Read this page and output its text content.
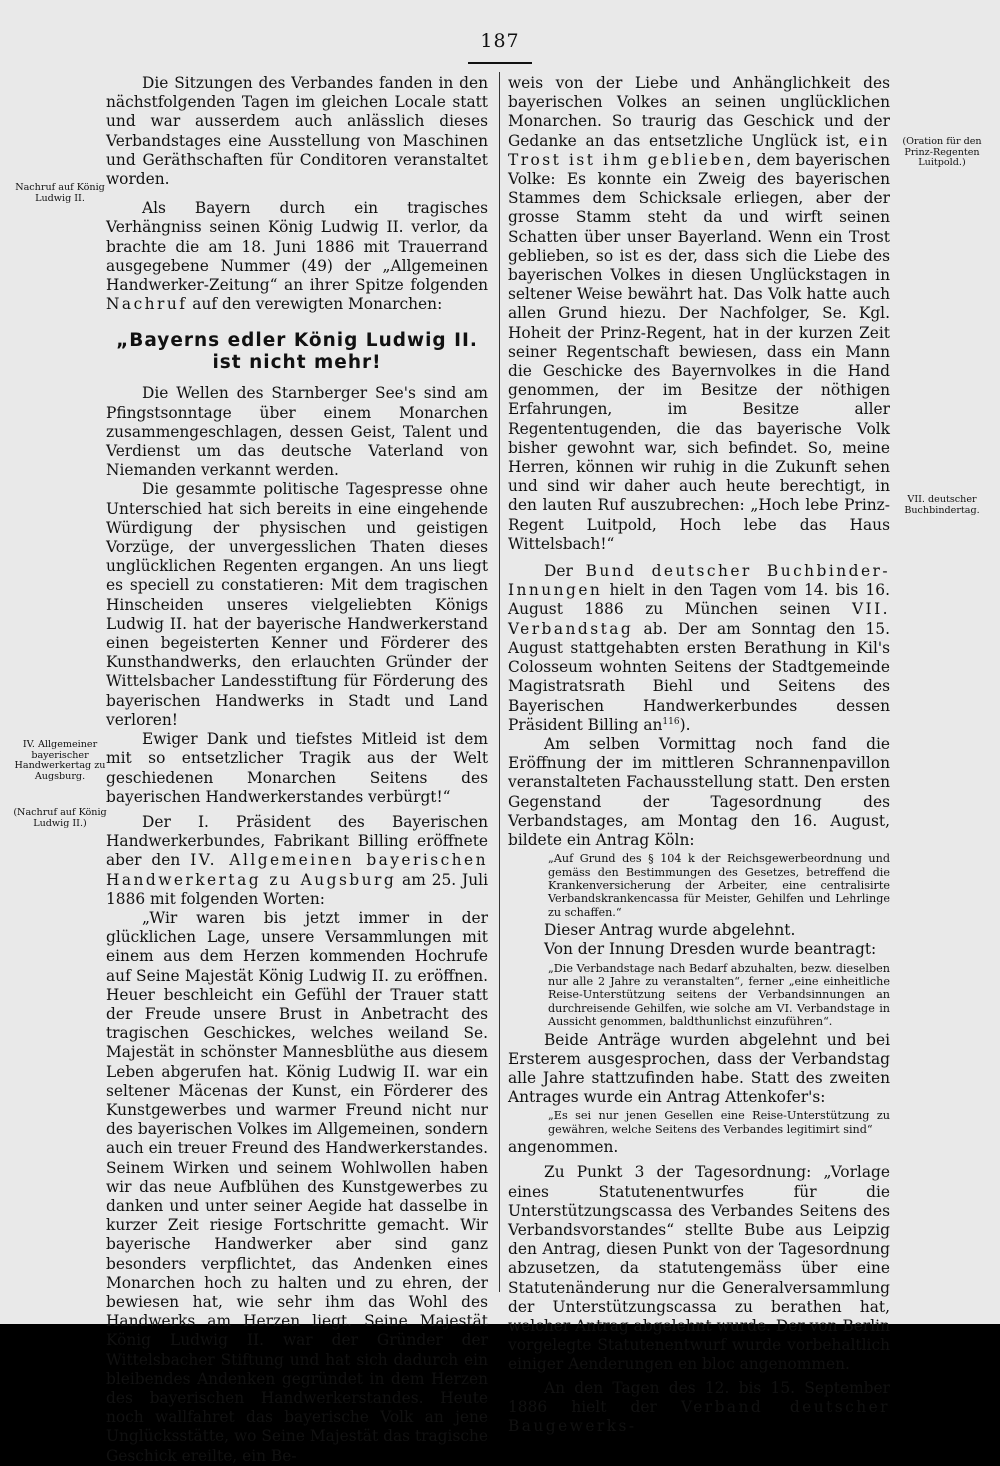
187
Nachruf auf König Ludwig II.
IV. Allgemeiner bayerischer Handwerkertag zu Augsburg.
(Nachruf auf König Ludwig II.)
(Oration für den Prinz-Regenten Luitpold.)
VII. deutscher Buchbindertag.

Die Sitzungen des Verbandes fanden in den nächstfolgenden Tagen im gleichen Locale statt und war ausserdem auch anlässlich dieses Verbandstages eine Ausstellung von Maschinen und Geräthschaften für Conditoren veranstaltet worden.

Als Bayern durch ein tragisches Verhängniss seinen König Ludwig II. verlor, da brachte die am 18. Juni 1886 mit Trauerrand ausgegebene Nummer (49) der „Allgemeinen Handwerker-Zeitung“ an ihrer Spitze folgenden Nachruf auf den verewigten Monarchen:

„Bayerns edler König Ludwig II. ist nicht mehr!

Die Wellen des Starnberger See's sind am Pfingstsonntage über einem Monarchen zusammengeschlagen, dessen Geist, Talent und Verdienst um das deutsche Vaterland von Niemanden verkannt werden.

Die gesammte politische Tagespresse ohne Unterschied hat sich bereits in eine eingehende Würdigung der physischen und geistigen Vorzüge, der unvergesslichen Thaten dieses unglücklichen Regenten ergangen. An uns liegt es speciell zu constatieren: Mit dem tragischen Hinscheiden unseres vielgeliebten Königs Ludwig II. hat der bayerische Handwerkerstand einen begeisterten Kenner und Förderer des Kunsthandwerks, den erlauchten Gründer der Wittelsbacher Landesstiftung für Förderung des bayerischen Handwerks in Stadt und Land verloren!

Ewiger Dank und tiefstes Mitleid ist dem mit so entsetzlicher Tragik aus der Welt geschiedenen Monarchen Seitens des bayerischen Handwerkerstandes verbürgt!“

Der I. Präsident des Bayerischen Handwerkerbundes, Fabrikant Billing eröffnete aber den IV. Allgemeinen bayerischen Handwerkertag zu Augsburg am 25. Juli 1886 mit folgenden Worten:

„Wir waren bis jetzt immer in der glücklichen Lage, unsere Versammlungen mit einem aus dem Herzen kommenden Hochrufe auf Seine Majestät König Ludwig II. zu eröffnen. Heuer beschleicht ein Gefühl der Trauer statt der Freude unsere Brust in Anbetracht des tragischen Geschickes, welches weiland Se. Majestät in schönster Mannesblüthe aus diesem Leben abgerufen hat. König Ludwig II. war ein seltener Mäcenas der Kunst, ein Förderer des Kunstgewerbes und warmer Freund nicht nur des bayerischen Volkes im Allgemeinen, sondern auch ein treuer Freund des Handwerkerstandes. Seinem Wirken und seinem Wohlwollen haben wir das neue Aufblühen des Kunstgewerbes zu danken und unter seiner Aegide hat dasselbe in kurzer Zeit riesige Fortschritte gemacht. Wir bayerische Handwerker aber sind ganz besonders verpflichtet, das Andenken eines Monarchen hoch zu halten und zu ehren, der bewiesen hat, wie sehr ihm das Wohl des Handwerks am Herzen liegt. Seine Majestät König Ludwig II. war der Gründer der Wittelsbacher Stiftung und hat sich dadurch ein bleibendes Andenken gegründet in dem Herzen des bayerischen Handwerkerstandes. Heute noch wallfahret das bayerische Volk an jene Unglücksstätte, wo Seine Majestät das tragische Geschick ereilte, ein Be-

weis von der Liebe und Anhänglichkeit des bayerischen Volkes an seinen unglücklichen Monarchen. So traurig das Geschick und der Gedanke an das entsetzliche Unglück ist,

ein Trost ist ihm geblieben, dem bayerischen Volke: Es konnte ein Zweig des bayerischen Stammes dem Schicksale erliegen, aber der grosse Stamm steht da und wirft seinen Schatten über unser Bayerland. Wenn ein Trost geblieben, so ist es der, dass sich die Liebe des bayerischen Volkes in diesen Unglückstagen in seltener Weise bewährt hat. Das Volk hatte auch allen Grund hiezu. Der Nachfolger, Se. Kgl. Hoheit der Prinz-Regent, hat in der kurzen Zeit seiner Regentschaft bewiesen, dass ein Mann die Geschicke des Bayernvolkes in die Hand genommen, der im Besitze der nöthigen Erfahrungen, im Besitze aller Regententugenden, die das bayerische Volk bisher gewohnt war, sich befindet. So, meine Herren, können wir ruhig in die Zukunft sehen und sind wir daher auch heute berechtigt, in den lauten Ruf auszubrechen: „Hoch lebe Prinz-Regent Luitpold, Hoch lebe das Haus Wittelsbach!“

Der Bund deutscher Buchbinder-Innungen hielt in den Tagen vom 14. bis 16. August 1886 zu München seinen VII. Verbandstag ab. Der am Sonntag den 15. August stattgehabten ersten Berathung in Kil's Colosseum wohnten Seitens der Stadtgemeinde Magistratsrath Biehl und Seitens des Bayerischen Handwerkerbundes dessen Präsident Billing $an^{116}$).

Am selben Vormittag noch fand die Eröffnung der im mittleren Schrannenpavillon veranstalteten Fachausstellung statt. Den ersten Gegenstand der Tagesordnung des Verbandstages, am Montag den 16. August, bildete ein Antrag Köln:

„Auf Grund des § 104 k der Reichsgewerbeordnung und gemäss den Bestimmungen des Gesetzes, betreffend die Krankenversicherung der Arbeiter, eine centralisirte Verbandskrankencassa für Meister, Gehilfen und Lehrlinge zu schaffen.“

Dieser Antrag wurde abgelehnt.

Von der Innung Dresden wurde beantragt:

„Die Verbandstage nach Bedarf abzuhalten, bezw. dieselben nur alle 2 Jahre zu veranstalten“, ferner „eine einheitliche Reise-Unterstützung seitens der Verbandsinnungen an durchreisende Gehilfen, wie solche am VI. Verbandstage in Aussicht genommen, baldthunlichst einzuführen“.

Beide Anträge wurden abgelehnt und bei Ersterem ausgesprochen, dass der Verbandstag alle Jahre stattzufinden habe. Statt des zweiten Antrages wurde ein Antrag Attenkofer's:

„Es sei nur jenen Gesellen eine Reise-Unterstützung zu gewähren, welche Seitens des Verbandes legitimirt sind“

angenommen.

Zu Punkt 3 der Tagesordnung: „Vorlage eines Statutenentwurfes für die Unterstützungscassa des Verbandes Seitens des Verbandsvorstandes“ stellte Bube aus Leipzig den Antrag, diesen Punkt von der Tagesordnung abzusetzen, da statutengemäss über eine Statutenänderung nur die Generalversammlung der Unterstützungscassa zu berathen hat, welcher Antrag abgelehnt wurde. Der von Berlin vorgelegte Statutenentwurf wurde vorbehaltlich einiger Aenderungen en bloc angenommen.

An den Tagen des 12. bis 15. September 1886 hielt der Verband deutscher Baugewerks-
